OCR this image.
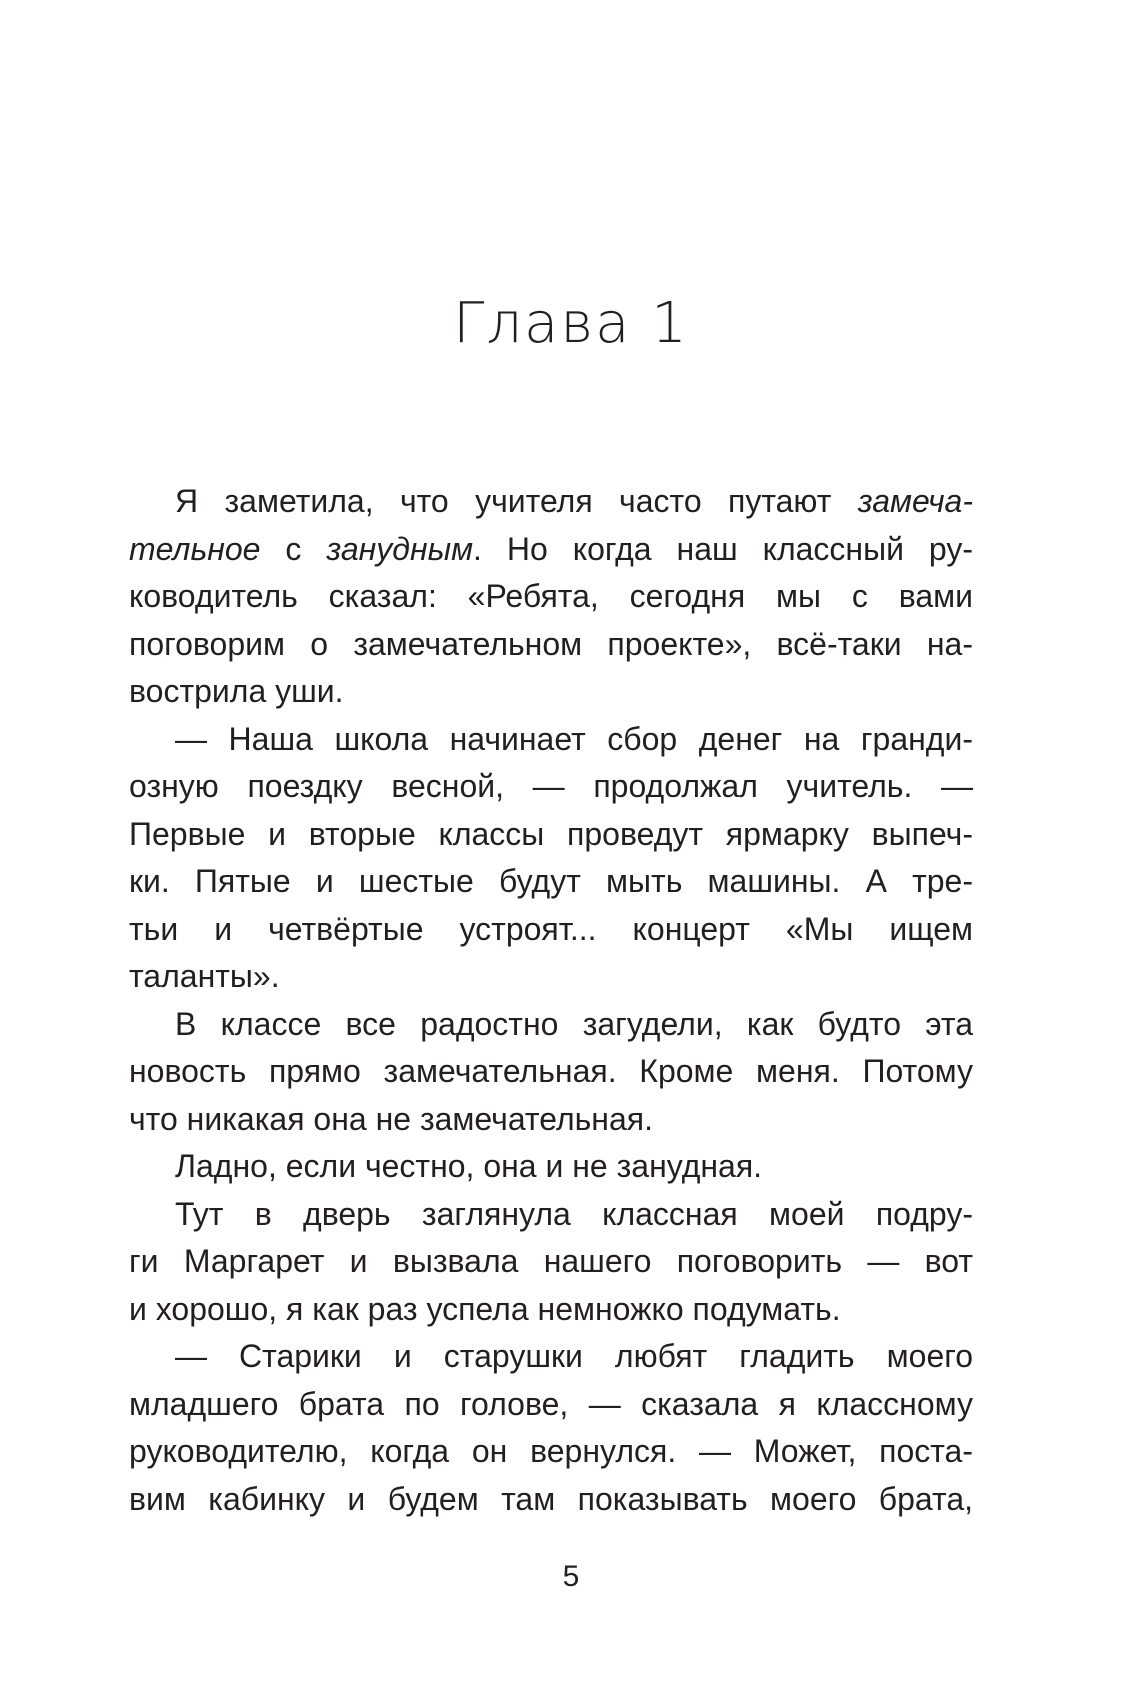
Глава 1
Я заметила, что учителя часто путают замеча-
тельное с занудным. Но когда наш классный ру-
ководитель сказал: «Ребята, сегодня мы с вами
поговорим о замечательном проекте», всё-таки на-
вострила уши.
— Наша школа начинает сбор денег на гранди-
озную поездку весной, — продолжал учитель. —
Первые и вторые классы проведут ярмарку выпеч-
ки. Пятые и шестые будут мыть машины. А тре-
тьи и четвёртые устроят... концерт «Мы ищем
таланты».
В классе все радостно загудели, как будто эта
новость прямо замечательная. Кроме меня. Потому
что никакая она не замечательная.
Ладно, если честно, она и не занудная.
Тут в дверь заглянула классная моей подру-
ги Маргарет и вызвала нашего поговорить — вот
и хорошо, я как раз успела немножко подумать.
— Старики и старушки любят гладить моего
младшего брата по голове, — сказала я классному
руководителю, когда он вернулся. — Может, поста-
вим кабинку и будем там показывать моего брата,
5
